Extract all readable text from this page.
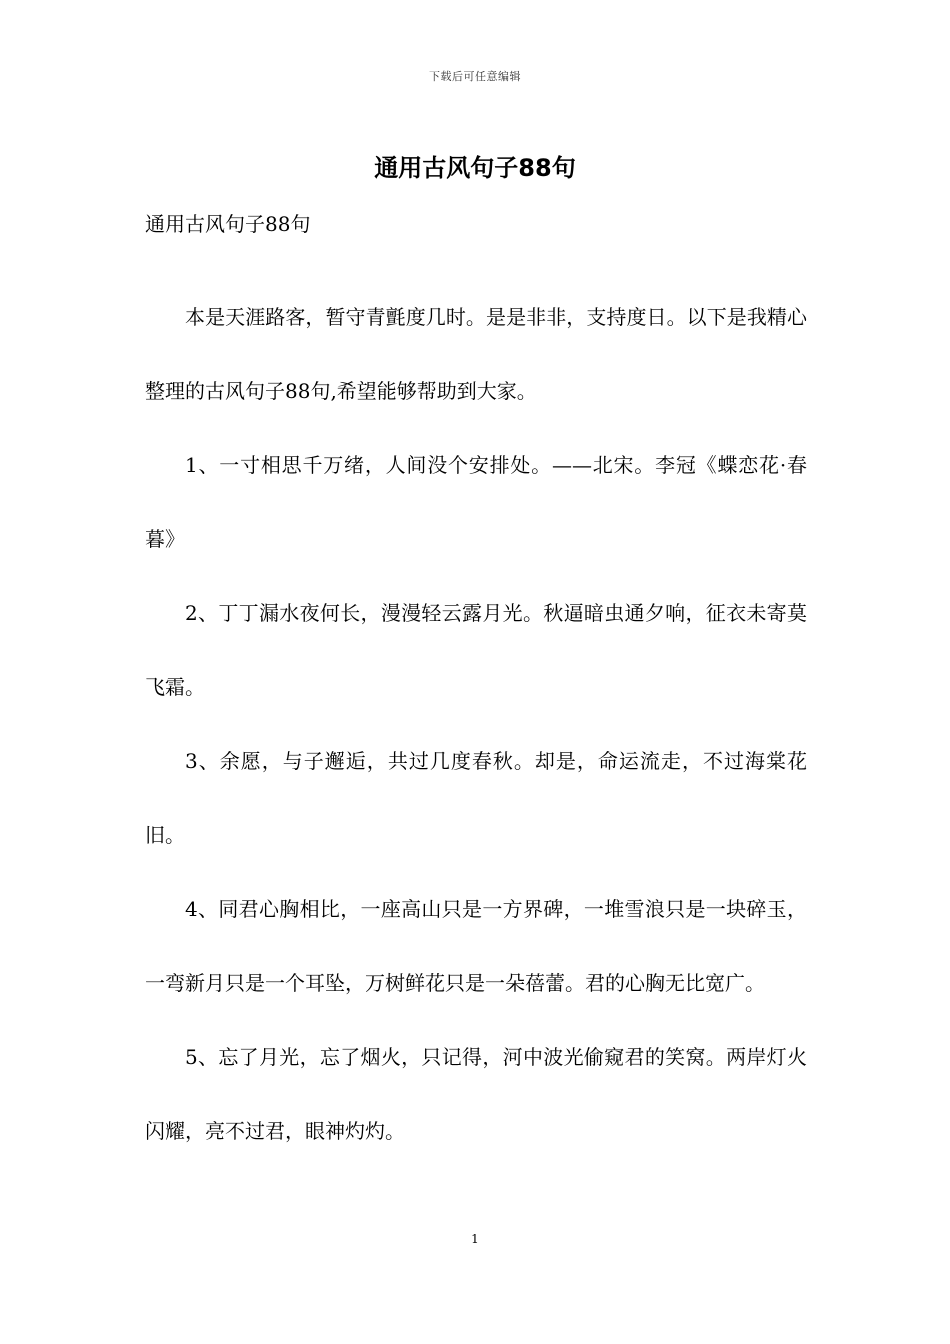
下载后可任意编辑
通用古风句子88句
通用古风句子88句

本是天涯路客，暂守青氈度几时。是是非非，支持度日。以下是我精心整理的古风句子88句,希望能够帮助到大家。

1、一寸相思千万绪，人间没个安排处。——北宋。李冠《蝶恋花·春暮》

2、丁丁漏水夜何长，漫漫轻云露月光。秋逼暗虫通夕响，征衣未寄莫飞霜。

3、余愿，与子邂逅，共过几度春秋。却是，命运流走，不过海棠花旧。

4、同君心胸相比，一座高山只是一方界碑，一堆雪浪只是一块碎玉，一弯新月只是一个耳坠，万树鲜花只是一朵蓓蕾。君的心胸无比宽广。

5、忘了月光，忘了烟火，只记得，河中波光偷窥君的笑窝。两岸灯火闪耀，亮不过君，眼神灼灼。

1
